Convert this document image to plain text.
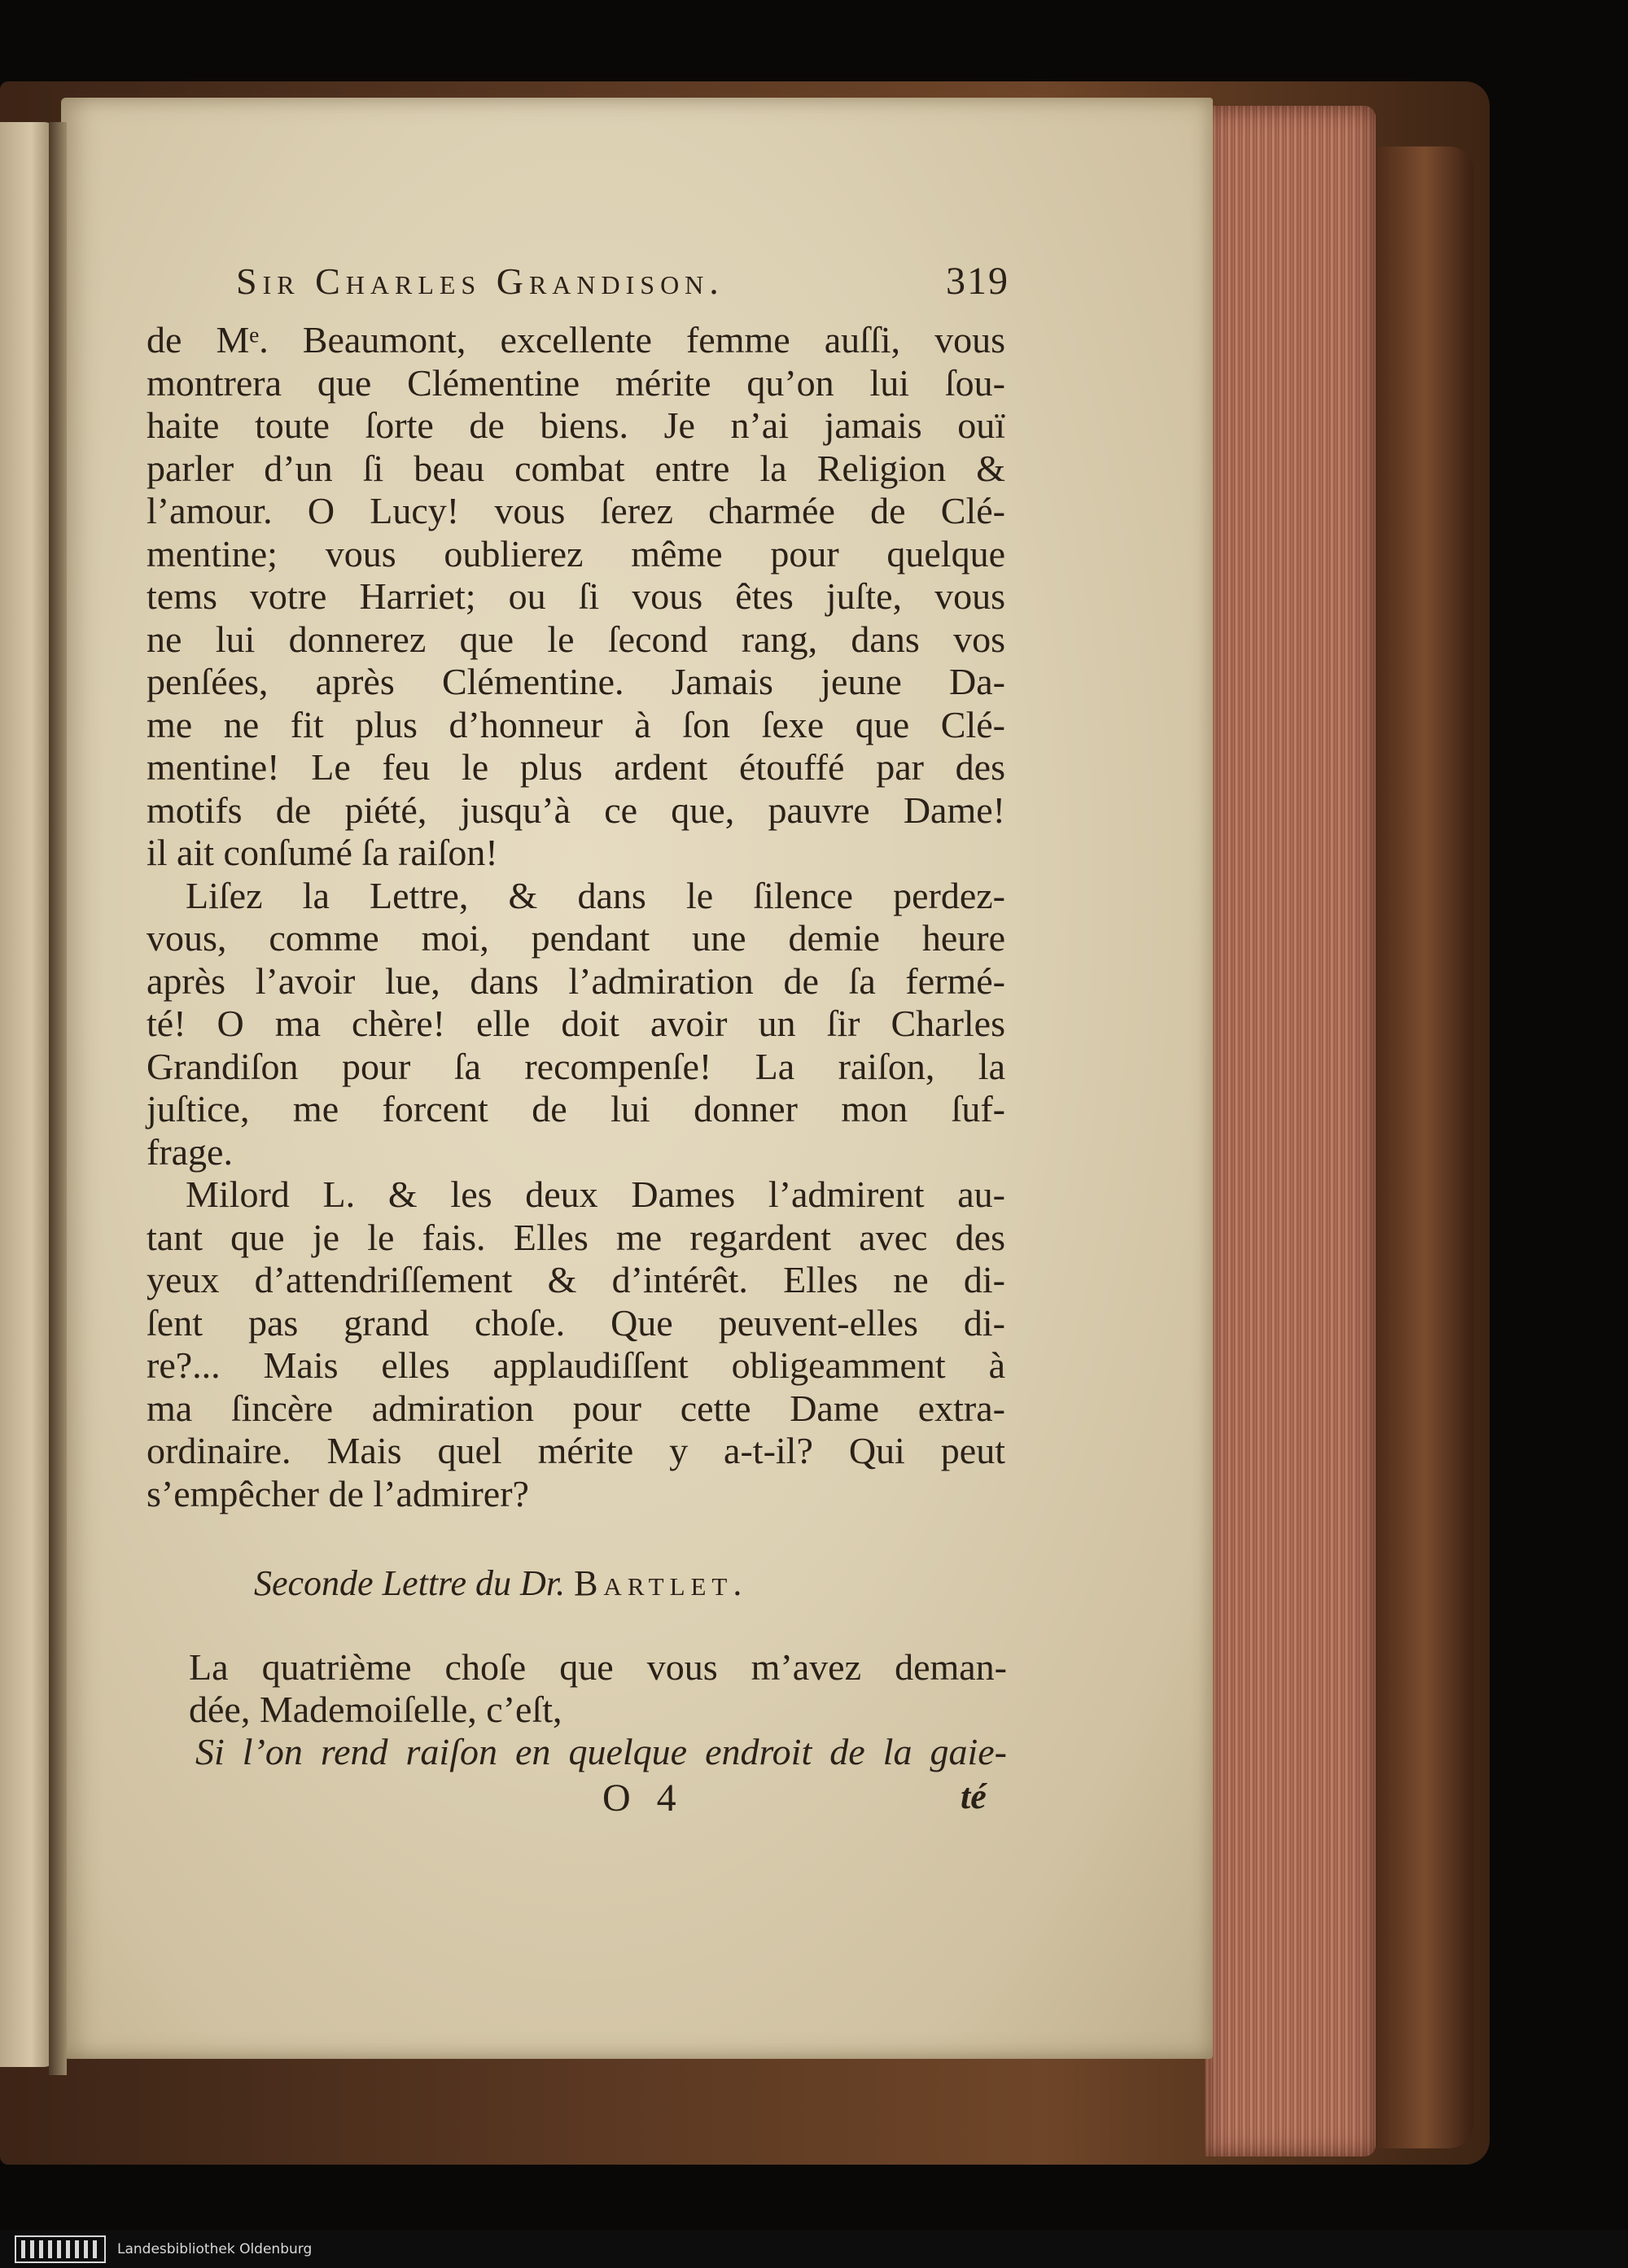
Sir Charles Grandison.	319
de Mᵉ. Beaumont, excellente femme auſſi, vous
montrera que Clémentine mérite qu’on lui ſou-
haite toute ſorte de biens. Je n’ai jamais ouï
parler d’un ſi beau combat entre la Religion &
l’amour. O Lucy! vous ſerez charmée de Clé-
mentine; vous oublierez même pour quelque
tems votre Harriet; ou ſi vous êtes juſte, vous
ne lui donnerez que le ſecond rang, dans vos
penſées, après Clémentine. Jamais jeune Da-
me ne fit plus d’honneur à ſon ſexe que Clé-
mentine! Le feu le plus ardent étouffé par des
motifs de piété, jusqu’à ce que, pauvre Dame!
il ait conſumé ſa raiſon!
Liſez la Lettre, & dans le ſilence perdez-
vous, comme moi, pendant une demie heure
après l’avoir lue, dans l’admiration de ſa fermé-
té! O ma chère! elle doit avoir un ſir Charles
Grandiſon pour ſa recompenſe! La raiſon, la
juſtice, me forcent de lui donner mon ſuf-
frage.
Milord L. & les deux Dames l’admirent au-
tant que je le fais. Elles me regardent avec des
yeux d’attendriſſement & d’intérêt. Elles ne di-
ſent pas grand choſe. Que peuvent-elles di-
re?... Mais elles applaudiſſent obligeamment à
ma ſincère admiration pour cette Dame extra-
ordinaire. Mais quel mérite y a-t-il? Qui peut
s’empêcher de l’admirer?
Seconde Lettre du Dr. Bartlet.
La quatrième choſe que vous m’avez deman-
dée, Mademoiſelle, c’eſt,
Si l’on rend raiſon en quelque endroit de la gaie-
O 4	té
Landesbibliothek Oldenburg
